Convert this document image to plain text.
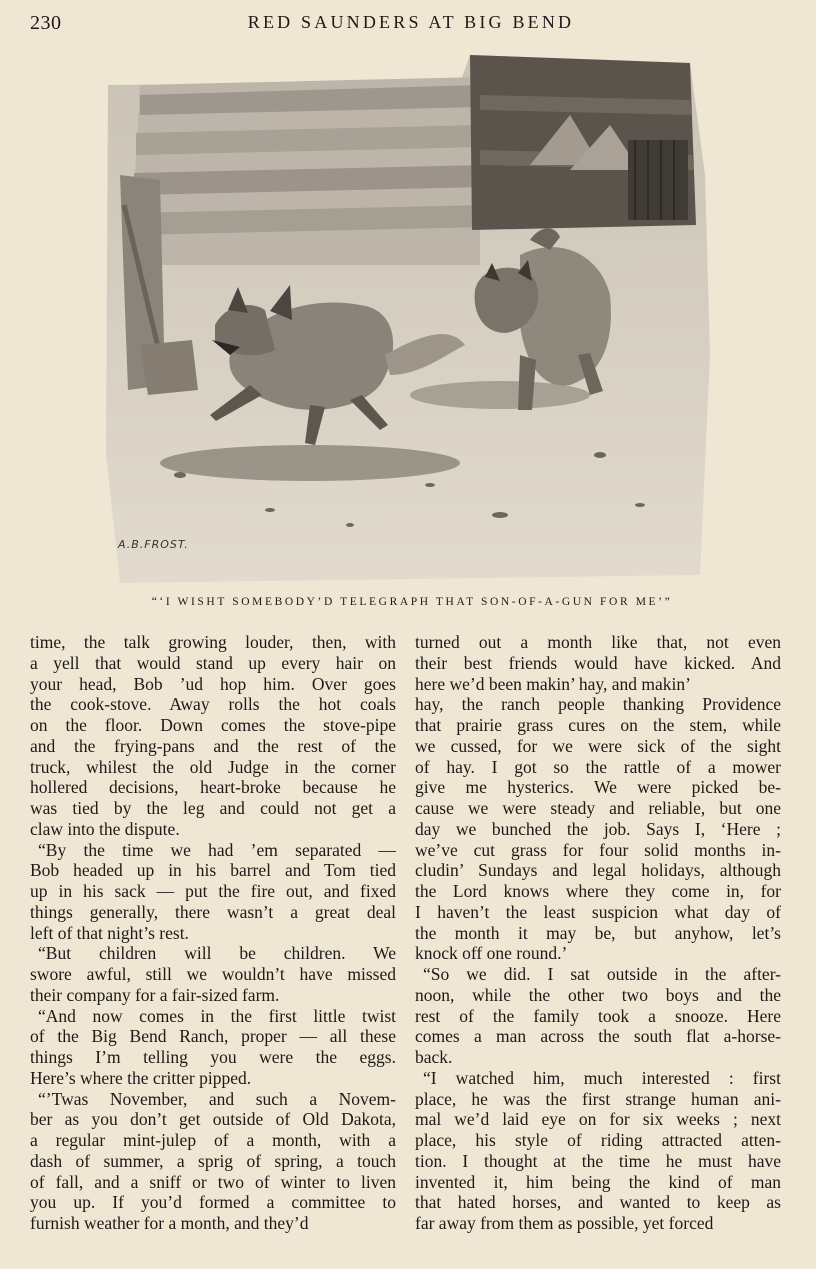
230	RED SAUNDERS AT BIG BEND
A.B.FROST.
“‘I WISHT SOMEBODY’D TELEGRAPH THAT SON-OF-A-GUN FOR ME’”
time, the talk growing louder, then, with
a yell that would stand up every hair on
your head, Bob ’ud hop him. Over goes
the cook-stove. Away rolls the hot coals
on the floor. Down comes the stove-pipe
and the frying-pans and the rest of the
truck, whilest the old Judge in the corner
hollered decisions, heart-broke because he
was tied by the leg and could not get a
claw into the dispute.
“By the time we had ’em separated —
Bob headed up in his barrel and Tom tied
up in his sack — put the fire out, and fixed
things generally, there wasn’t a great deal
left of that night’s rest.
“But children will be children. We
swore awful, still we wouldn’t have missed
their company for a fair-sized farm.
“And now comes in the first little twist
of the Big Bend Ranch, proper — all these
things I’m telling you were the eggs.
Here’s where the critter pipped.
“’Twas November, and such a Novem-
ber as you don’t get outside of Old Dakota,
a regular mint-julep of a month, with a
dash of summer, a sprig of spring, a touch
of fall, and a sniff or two of winter to liven
you up. If you’d formed a committee to
furnish weather for a month, and they’d
turned out a month like that, not even
their best friends would have kicked. And
here we’d been makin’ hay, and makin’
hay, the ranch people thanking Providence
that prairie grass cures on the stem, while
we cussed, for we were sick of the sight
of hay. I got so the rattle of a mower
give me hysterics. We were picked be-
cause we were steady and reliable, but one
day we bunched the job. Says I, ‘Here ;
we’ve cut grass for four solid months in-
cludin’ Sundays and legal holidays, although
the Lord knows where they come in, for
I haven’t the least suspicion what day of
the month it may be, but anyhow, let’s
knock off one round.’
“So we did. I sat outside in the after-
noon, while the other two boys and the
rest of the family took a snooze. Here
comes a man across the south flat a-horse-
back.
“I watched him, much interested : first
place, he was the first strange human ani-
mal we’d laid eye on for six weeks ; next
place, his style of riding attracted atten-
tion. I thought at the time he must have
invented it, him being the kind of man
that hated horses, and wanted to keep as
far away from them as possible, yet forced
